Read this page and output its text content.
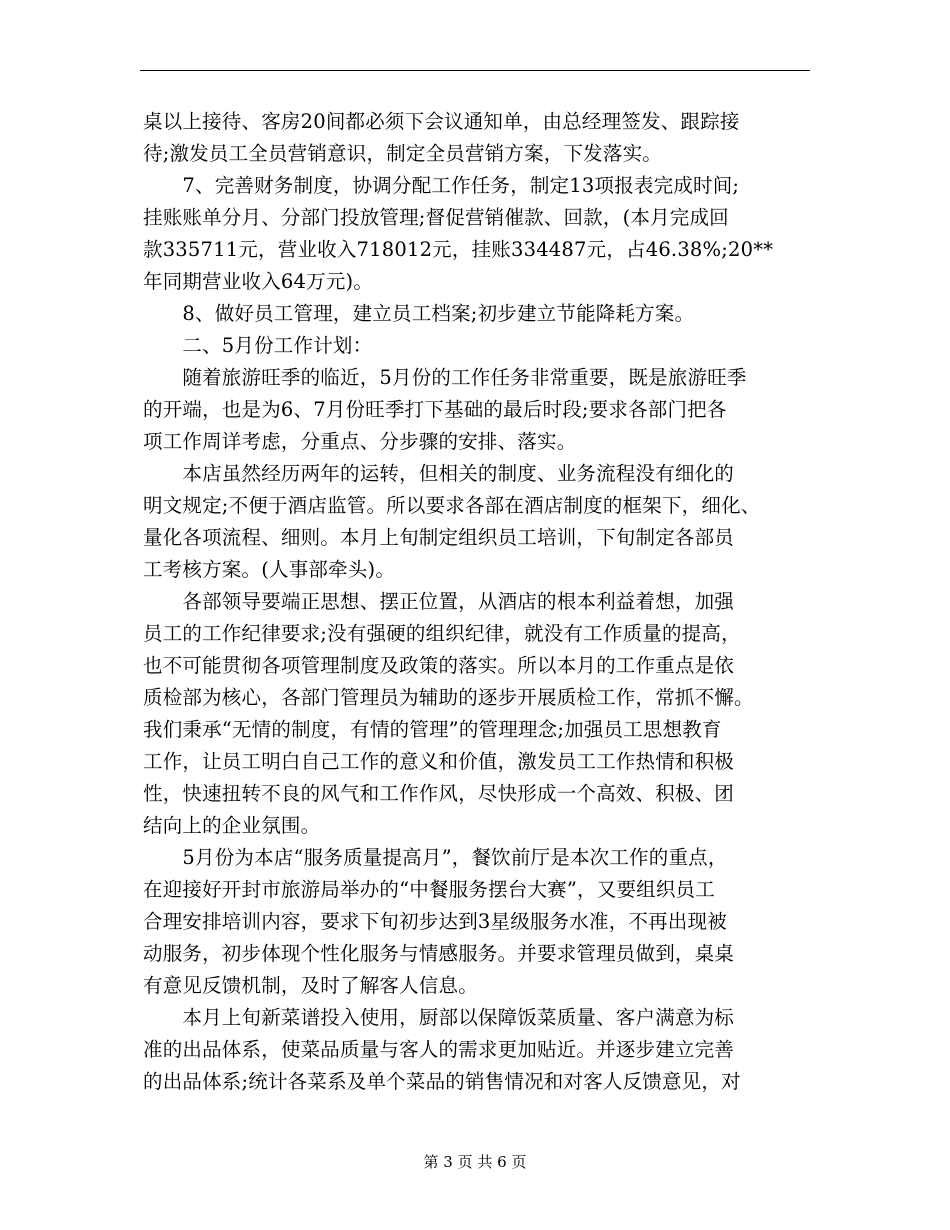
桌以上接待、客房20间都必须下会议通知单，由总经理签发、跟踪接
待;激发员工全员营销意识，制定全员营销方案，下发落实。
　　7、完善财务制度，协调分配工作任务，制定13项报表完成时间;
挂账账单分月、分部门投放管理;督促营销催款、回款，(本月完成回
款335711元，营业收入718012元，挂账334487元，占46.38%;20**
年同期营业收入64万元)。
　　8、做好员工管理，建立员工档案;初步建立节能降耗方案。
　　二、5月份工作计划：
　　随着旅游旺季的临近，5月份的工作任务非常重要，既是旅游旺季
的开端，也是为6、7月份旺季打下基础的最后时段;要求各部门把各
项工作周详考虑，分重点、分步骤的安排、落实。
　　本店虽然经历两年的运转，但相关的制度、业务流程没有细化的
明文规定;不便于酒店监管。所以要求各部在酒店制度的框架下，细化、
量化各项流程、细则。本月上旬制定组织员工培训，下旬制定各部员
工考核方案。(人事部牵头)。
　　各部领导要端正思想、摆正位置，从酒店的根本利益着想，加强
员工的工作纪律要求;没有强硬的组织纪律，就没有工作质量的提高，
也不可能贯彻各项管理制度及政策的落实。所以本月的工作重点是依
质检部为核心，各部门管理员为辅助的逐步开展质检工作，常抓不懈。
我们秉承“无情的制度，有情的管理”的管理理念;加强员工思想教育
工作，让员工明白自己工作的意义和价值，激发员工工作热情和积极
性，快速扭转不良的风气和工作作风，尽快形成一个高效、积极、团
结向上的企业氛围。
　　5月份为本店“服务质量提高月”，餐饮前厅是本次工作的重点，
在迎接好开封市旅游局举办的“中餐服务摆台大赛”，又要组织员工
合理安排培训内容，要求下旬初步达到3星级服务水准，不再出现被
动服务，初步体现个性化服务与情感服务。并要求管理员做到，桌桌
有意见反馈机制，及时了解客人信息。
　　本月上旬新菜谱投入使用，厨部以保障饭菜质量、客户满意为标
准的出品体系，使菜品质量与客人的需求更加贴近。并逐步建立完善
的出品体系;统计各菜系及单个菜品的销售情况和对客人反馈意见，对
第 3 页 共 6 页
